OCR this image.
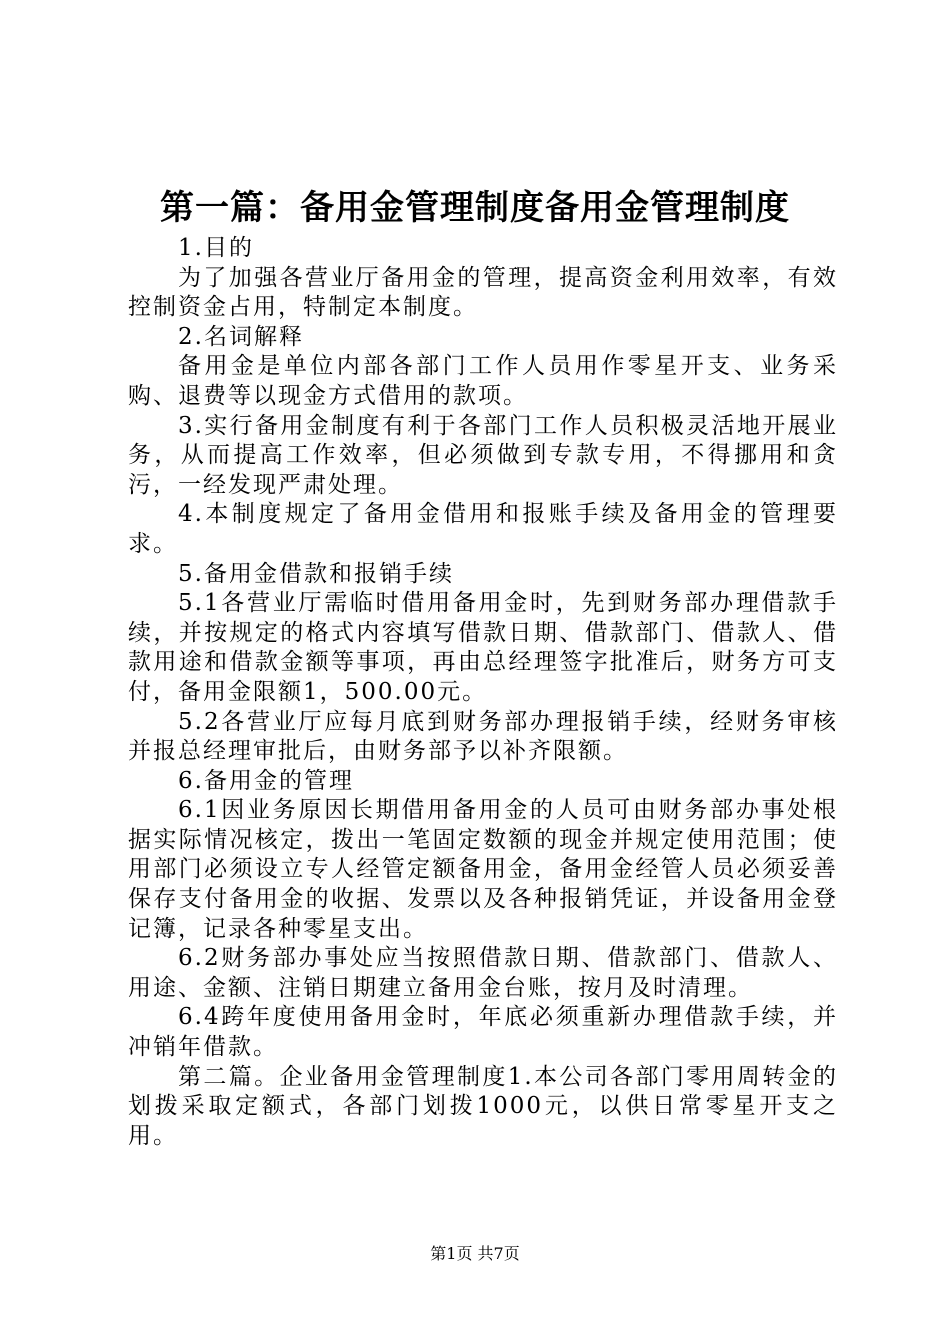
第一篇：备用金管理制度备用金管理制度

1.目的

为了加强各营业厅备用金的管理，提高资金利用效率，有效控制资金占用，特制定本制度。

2.名词解释

备用金是单位内部各部门工作人员用作零星开支、业务采购、退费等以现金方式借用的款项。

3.实行备用金制度有利于各部门工作人员积极灵活地开展业务，从而提高工作效率，但必须做到专款专用，不得挪用和贪污，一经发现严肃处理。

4.本制度规定了备用金借用和报账手续及备用金的管理要求。

5.备用金借款和报销手续

5.1各营业厅需临时借用备用金时，先到财务部办理借款手续，并按规定的格式内容填写借款日期、借款部门、借款人、借款用途和借款金额等事项，再由总经理签字批准后，财务方可支付，备用金限额1，500.00元。

5.2各营业厅应每月底到财务部办理报销手续，经财务审核并报总经理审批后，由财务部予以补齐限额。

6.备用金的管理

6.1因业务原因长期借用备用金的人员可由财务部办事处根据实际情况核定，拨出一笔固定数额的现金并规定使用范围；使用部门必须设立专人经管定额备用金，备用金经管人员必须妥善保存支付备用金的收据、发票以及各种报销凭证，并设备用金登记簿，记录各种零星支出。

6.2财务部办事处应当按照借款日期、借款部门、借款人、用途、金额、注销日期建立备用金台账，按月及时清理。

6.4跨年度使用备用金时，年底必须重新办理借款手续，并冲销年借款。

第二篇。企业备用金管理制度1.本公司各部门零用周转金的划拨采取定额式，各部门划拨1000元，以供日常零星开支之用。

第1页 共7页
